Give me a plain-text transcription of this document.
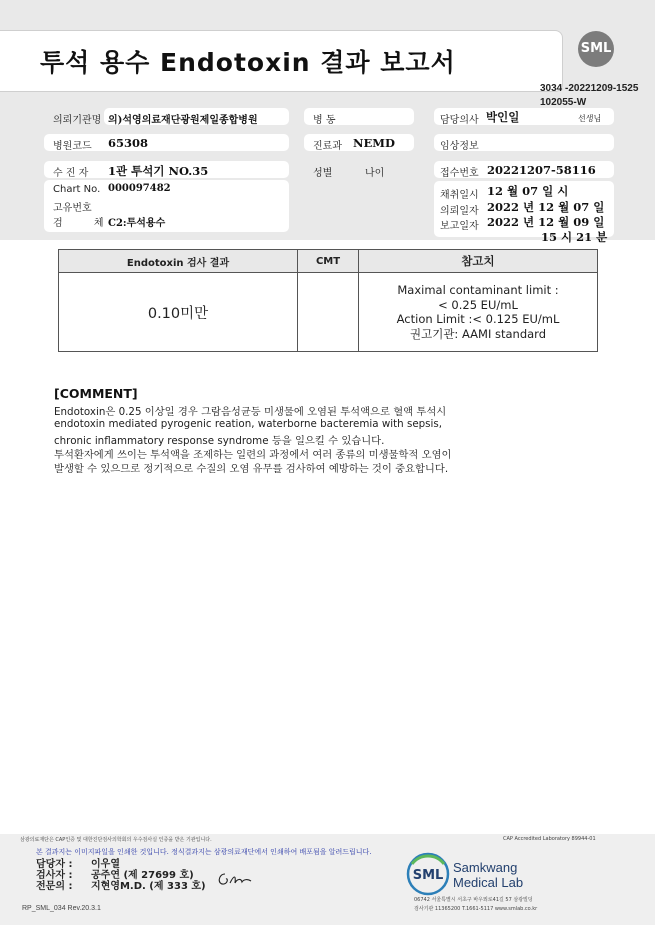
투석 용수 Endotoxin 결과 보고서	SML
3034 -20221209-1525
102055-W
의뢰기관명 의)석영의료재단광원제일종합병원	병 동	담당의사 박인일	선생님
병원코드 65308	진료과 NEMD	임상정보
수 진 자 1관 투석기 NO.35	성별	나이	접수번호 20221207-58116
Chart No. 000097482
고유번호
검 체
C2:투석용수
채취일시 12 월 07 일 시
의뢰일자 2022 년 12 월 07 일
보고일자 2022 년 12 월 09 일
15 시 21 분
Endotoxin 검사 결과	CMT	참고치
0.10미만		Maximal contaminant limit :
< 0.25 EU/mL
Action Limit :< 0.125 EU/mL
권고기관: AAMI standard
[COMMENT]
Endotoxin은 0.25 이상일 경우 그람음성균등 미생물에 오염된 투석액으로 혈액 투석시
endotoxin mediated pyrogenic reation, waterborne bacteremia with sepsis,
chronic inflammatory response syndrome 등을 일으킬 수 있습니다.
투석환자에게 쓰이는 투석액을 조제하는 일련의 과정에서 여러 종류의 미생물학적 오염이
발생할 수 있으므로 정기적으로 수질의 오염 유무를 검사하여 예방하는 것이 중요합니다.
삼광의료재단은 CAP인증 및 대한진단검사의학회의 우수검사실 인증을 받은 기관입니다.	CAP Accredited Laboratory 89944-01
본 결과지는 이미지파일을 인쇄한 것입니다. 정식결과지는 삼광의료재단에서 인쇄하여 배포됨을 알려드립니다.
담당자 : 이우열
검사자 : 공주연 (제 27699 호)
전문의 : 지현영M.D. (제 333 호)
RP_SML_034 Rev.20.3.1
SML
Samkwang
Medical Lab
06742 서울특별시 서초구 바우뫼로41길 57 삼광빌딩
검사기관 11365200 T.1661-5117 www.smlab.co.kr
